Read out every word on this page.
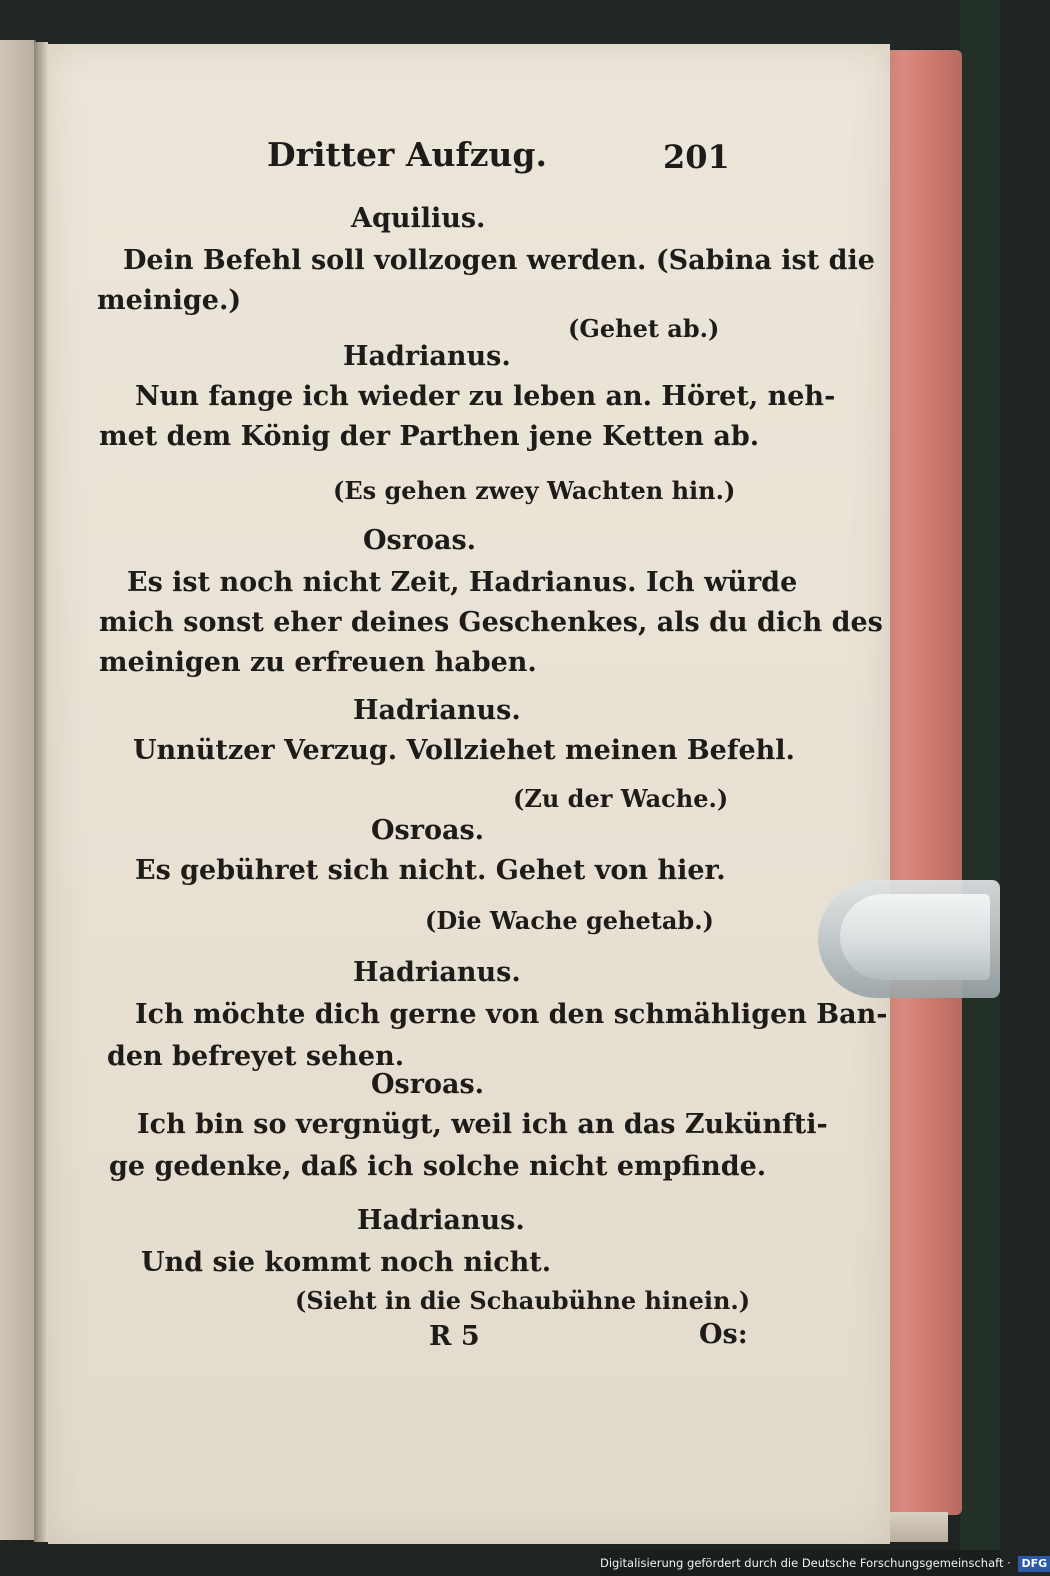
Dritter Aufzug.	201
Aquilius.
Dein Befehl soll vollzogen werden. (Sabina ist die
meinige.)
(Gehet ab.)
Hadrianus.
Nun fange ich wieder zu leben an. Höret, neh-
met dem König der Parthen jene Ketten ab.
(Es gehen zwey Wachten hin.)
Osroas.
Es ist noch nicht Zeit, Hadrianus. Ich würde
mich sonst eher deines Geschenkes, als du dich des
meinigen zu erfreuen haben.
Hadrianus.
Unnützer Verzug. Vollziehet meinen Befehl.
(Zu der Wache.)
Osroas.
Es gebühret sich nicht. Gehet von hier.
(Die Wache gehetab.)
Hadrianus.
Ich möchte dich gerne von den schmähligen Ban-
den befreyet sehen.
Osroas.
Ich bin so vergnügt, weil ich an das Zukünfti-
ge gedenke, daß ich solche nicht empfinde.
Hadrianus.
Und sie kommt noch nicht.
(Sieht in die Schaubühne hinein.)
R 5	Os:
Digitalisierung gefördert durch die Deutsche Forschungsgemeinschaft · DFG
